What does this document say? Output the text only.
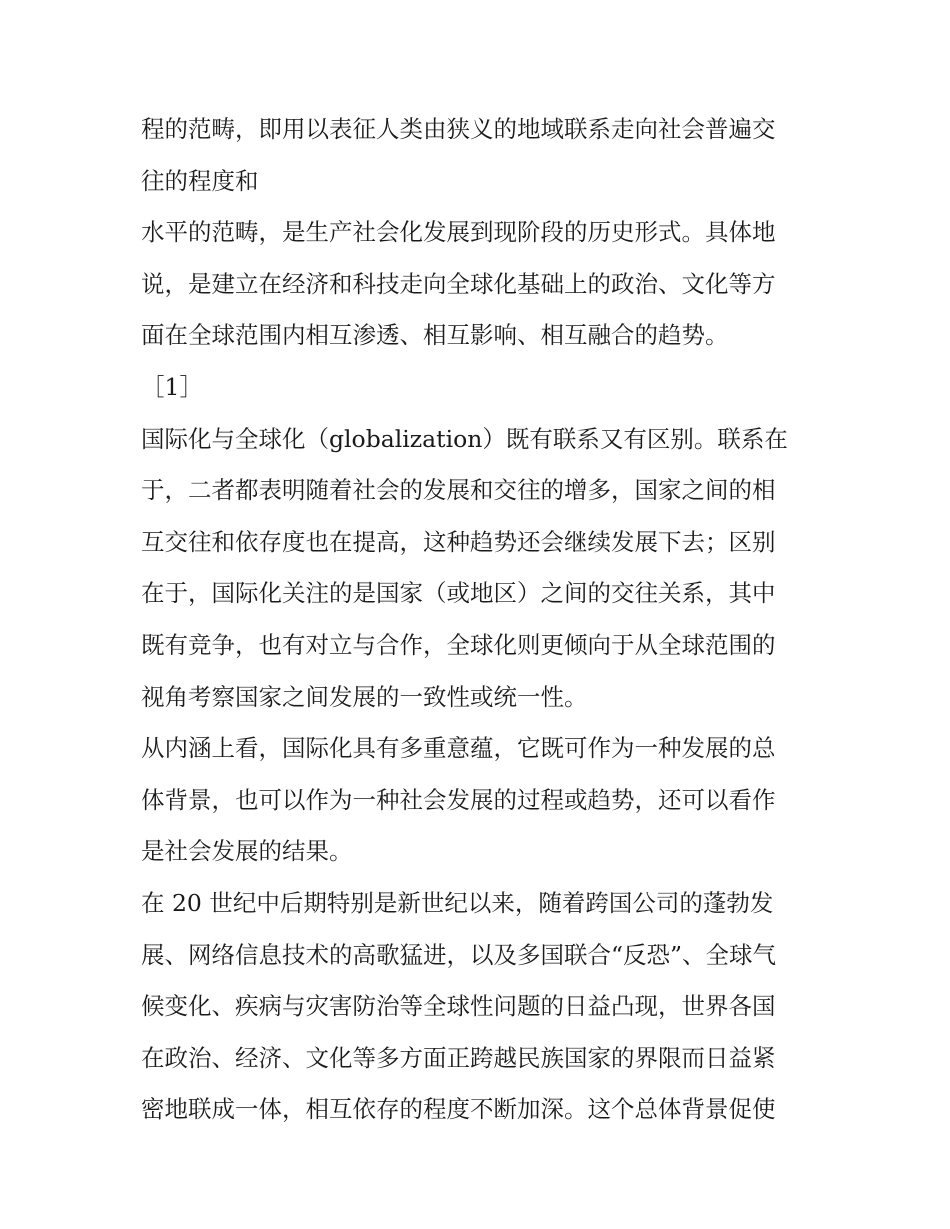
程的范畴，即用以表征人类由狭义的地域联系走向社会普遍交
往的程度和
水平的范畴，是生产社会化发展到现阶段的历史形式。具体地
说，是建立在经济和科技走向全球化基础上的政治、文化等方
面在全球范围内相互渗透、相互影响、相互融合的趋势。
［1］
国际化与全球化（globalization）既有联系又有区别。联系在
于，二者都表明随着社会的发展和交往的增多，国家之间的相
互交往和依存度也在提高，这种趋势还会继续发展下去；区别
在于，国际化关注的是国家（或地区）之间的交往关系，其中
既有竞争，也有对立与合作，全球化则更倾向于从全球范围的
视角考察国家之间发展的一致性或统一性。
从内涵上看，国际化具有多重意蕴，它既可作为一种发展的总
体背景，也可以作为一种社会发展的过程或趋势，还可以看作
是社会发展的结果。
在 20 世纪中后期特别是新世纪以来，随着跨国公司的蓬勃发
展、网络信息技术的高歌猛进，以及多国联合“反恐”、全球气
候变化、疾病与灾害防治等全球性问题的日益凸现，世界各国
在政治、经济、文化等多方面正跨越民族国家的界限而日益紧
密地联成一体，相互依存的程度不断加深。这个总体背景促使
